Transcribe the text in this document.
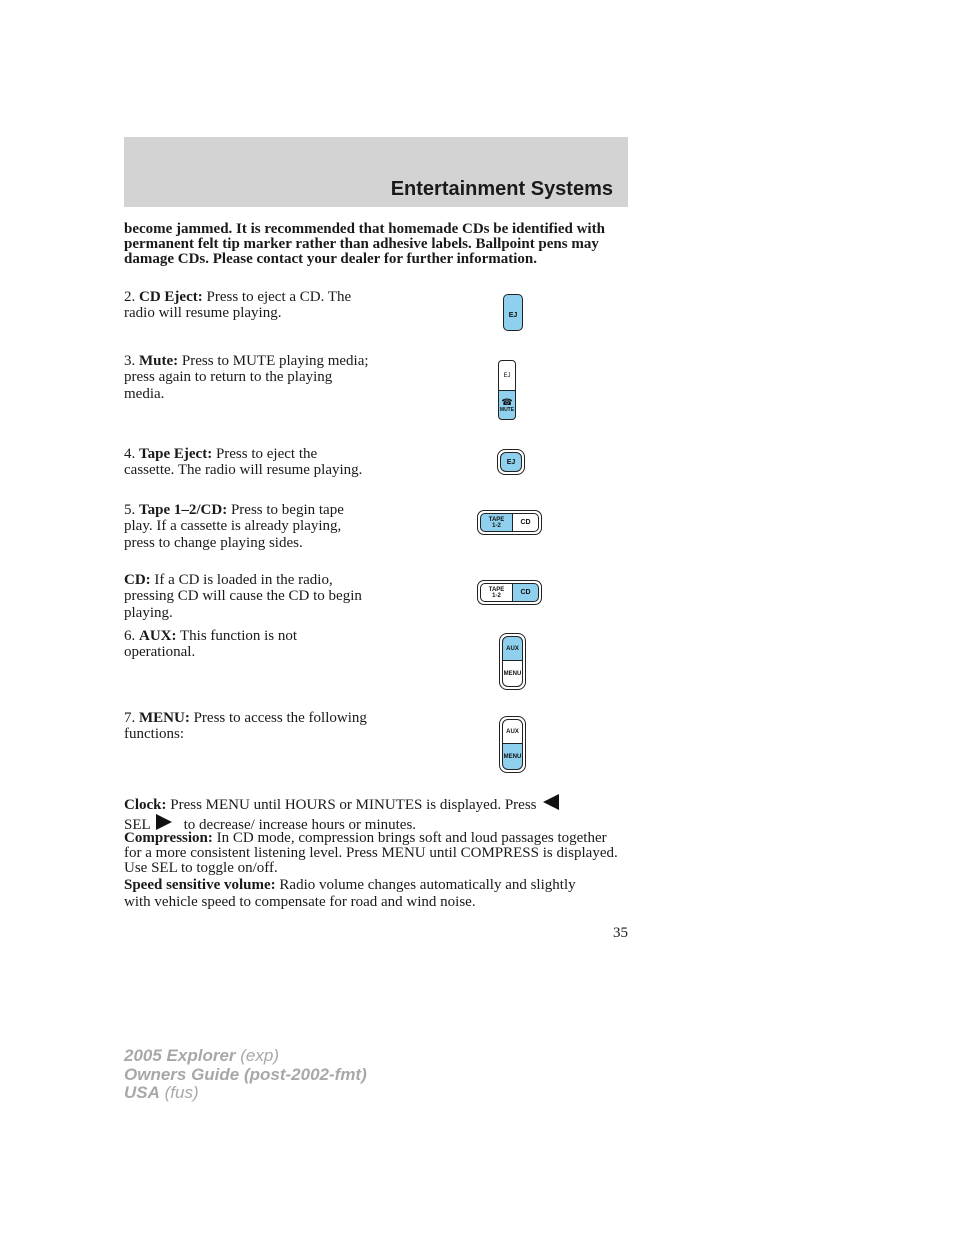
Entertainment Systems
become jammed. It is recommended that homemade CDs be identified with permanent felt tip marker rather than adhesive labels. Ballpoint pens may damage CDs. Please contact your dealer for further information.
2. CD Eject: Press to eject a CD. The radio will resume playing.	EJ
3. Mute: Press to MUTE playing media; press again to return to the playing media.
EJ
☎
MUTE
4. Tape Eject: Press to eject the cassette. The radio will resume playing.
EJ
5. Tape 1–2/CD: Press to begin tape play. If a cassette is already playing, press to change playing sides.
TAPE
1-2	CD
CD: If a CD is loaded in the radio, pressing CD will cause the CD to begin playing.
TAPE
1-2	CD
6. AUX: This function is not operational.	AUX
MENU
7. MENU: Press to access the following functions:	AUX
MENU
Clock: Press MENU until HOURS or MINUTES is displayed. Press
SEL to decrease/ increase hours or minutes.
Compression: In CD mode, compression brings soft and loud passages together for a more consistent listening level. Press MENU until COMPRESS is displayed. Use SEL to toggle on/off.
Speed sensitive volume: Radio volume changes automatically and slightly with vehicle speed to compensate for road and wind noise.
35
2005 Explorer (exp)
Owners Guide (post-2002-fmt)
USA (fus)
